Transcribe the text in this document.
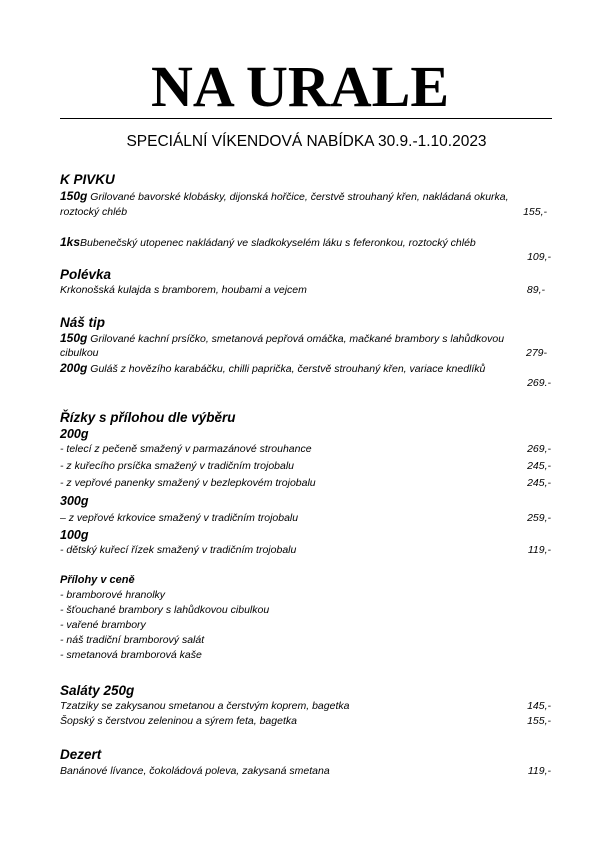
NA URALE
SPECIÁLNÍ VÍKENDOVÁ NABÍDKA 30.9.-1.10.2023
K PIVKU
150g Grilované bavorské klobásky, dijonská hořčice, čerstvě strouhaný křen, nakládaná okurka,
roztocký chléb	155,-
1ksBubenečský utopenec nakládaný ve sladkokyselém láku s feferonkou, roztocký chléb
109,-
Polévka
Krkonošská kulajda s bramborem, houbami a vejcem	89,-
Náš tip
150g Grilované kachní prsíčko, smetanová pepřová omáčka, mačkané brambory s lahůdkovou
cibulkou	279-
200g Guláš z hovězího karabáčku, chilli paprička, čerstvě strouhaný křen, variace knedlíků
269.-
Řízky s přílohou dle výběru
200g
- telecí z pečeně smažený v parmazánové strouhance	269,-
- z kuřecího prsíčka smažený v tradičním trojobalu	245,-
- z vepřové panenky smažený v bezlepkovém trojobalu	245,-
300g
– z vepřové krkovice smažený v tradičním trojobalu	259,-
100g
- dětský kuřecí řízek smažený v tradičním trojobalu	119,-
Přílohy v ceně
- bramborové hranolky
- šťouchané brambory s lahůdkovou cibulkou
- vařené brambory
- náš tradiční bramborový salát
- smetanová bramborová kaše
Saláty 250g
Tzatziky se zakysanou smetanou a čerstvým koprem, bagetka	145,-
Šopský s čerstvou zeleninou a sýrem feta, bagetka	155,-
Dezert
Banánové lívance, čokoládová poleva, zakysaná smetana	119,-
